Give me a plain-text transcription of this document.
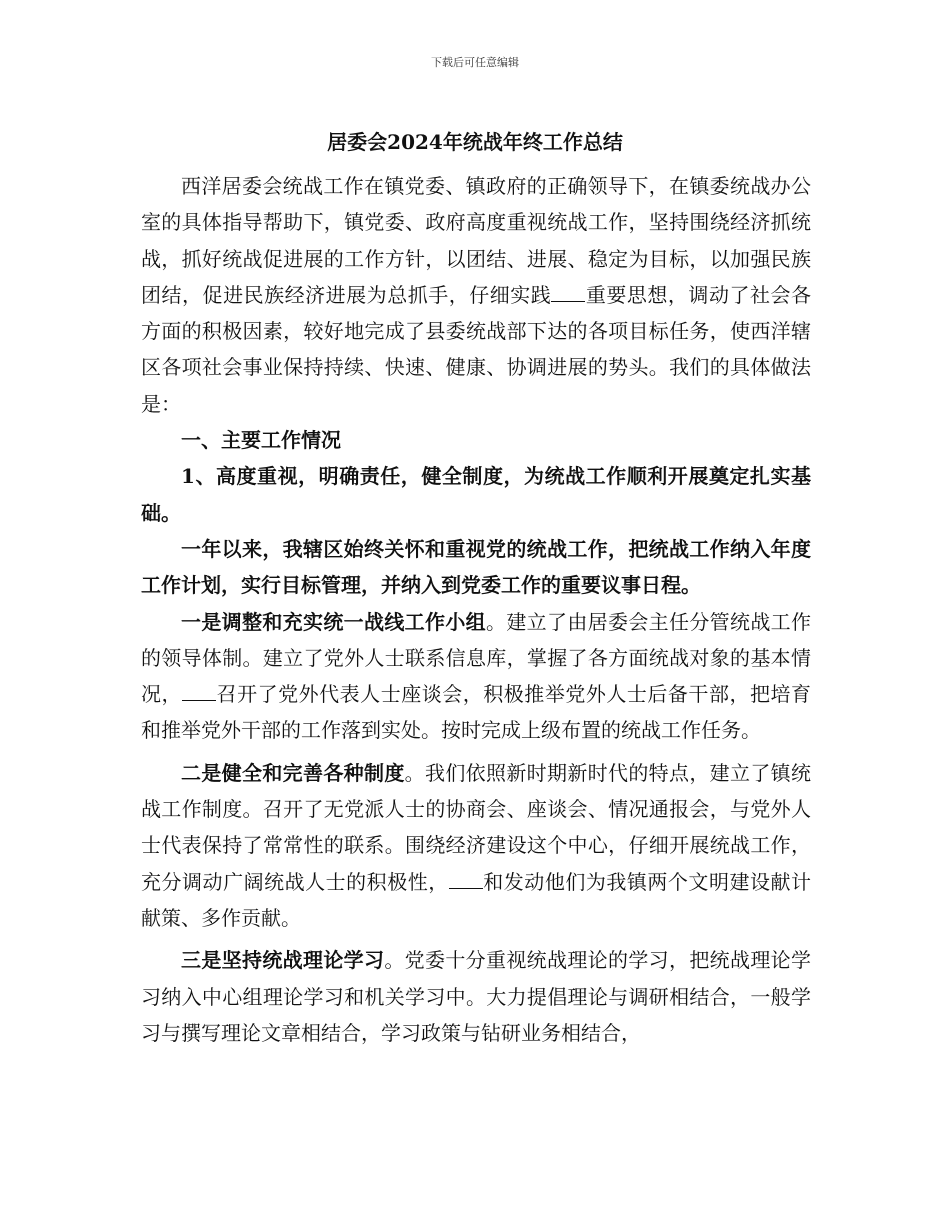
下载后可任意编辑
居委会2024年统战年终工作总结

西洋居委会统战工作在镇党委、镇政府的正确领导下，在镇委统战办公室的具体指导帮助下，镇党委、政府高度重视统战工作，坚持围绕经济抓统战，抓好统战促进展的工作方针，以团结、进展、稳定为目标，以加强民族团结，促进民族经济进展为总抓手，仔细实践 重要思想，调动了社会各方面的积极因素，较好地完成了县委统战部下达的各项目标任务，使西洋辖区各项社会事业保持持续、快速、健康、协调进展的势头。我们的具体做法是：

一、主要工作情况

1、高度重视，明确责任，健全制度，为统战工作顺利开展奠定扎实基础。

一年以来，我辖区始终关怀和重视党的统战工作，把统战工作纳入年度工作计划，实行目标管理，并纳入到党委工作的重要议事日程。

一是调整和充实统一战线工作小组。建立了由居委会主任分管统战工作的领导体制。建立了党外人士联系信息库，掌握了各方面统战对象的基本情况， 召开了党外代表人士座谈会，积极推举党外人士后备干部，把培育和推举党外干部的工作落到实处。按时完成上级布置的统战工作任务。

二是健全和完善各种制度。我们依照新时期新时代的特点，建立了镇统战工作制度。召开了无党派人士的协商会、座谈会、情况通报会，与党外人士代表保持了常常性的联系。围绕经济建设这个中心，仔细开展统战工作，充分调动广阔统战人士的积极性， 和发动他们为我镇两个文明建设献计献策、多作贡献。

三是坚持统战理论学习。党委十分重视统战理论的学习，把统战理论学习纳入中心组理论学习和机关学习中。大力提倡理论与调研相结合，一般学习与撰写理论文章相结合，学习政策与钻研业务相结合，
